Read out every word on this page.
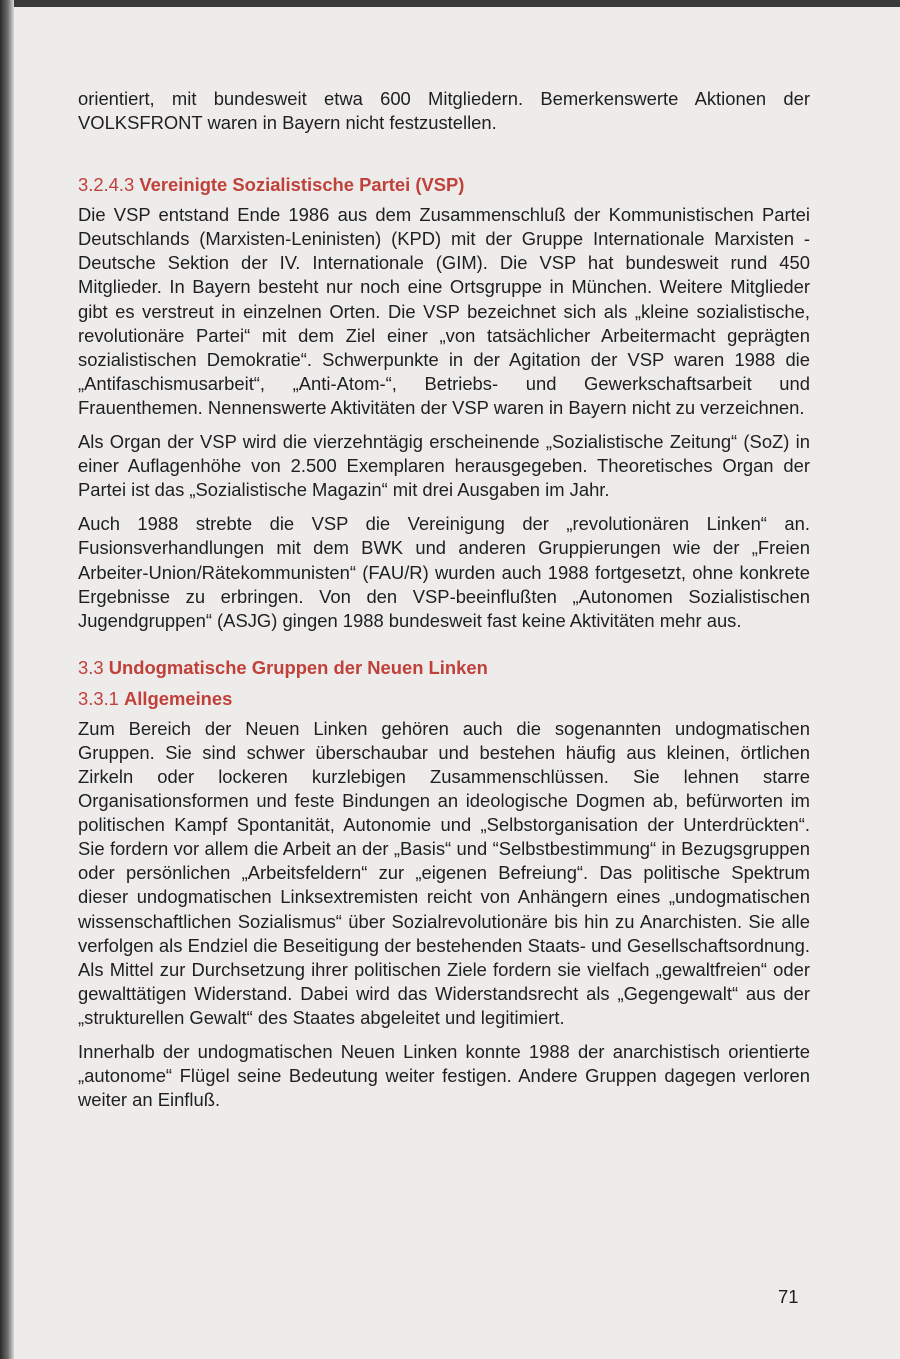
orientiert, mit bundesweit etwa 600 Mitgliedern. Bemerkenswerte Aktionen der VOLKSFRONT waren in Bayern nicht festzustellen.

3.2.4.3 Vereinigte Sozialistische Partei (VSP)

Die VSP entstand Ende 1986 aus dem Zusammenschluß der Kommunistischen Partei Deutschlands (Marxisten-Leninisten) (KPD) mit der Gruppe Internationale Marxisten - Deutsche Sektion der IV. Internationale (GIM). Die VSP hat bundesweit rund 450 Mitglieder. In Bayern besteht nur noch eine Ortsgruppe in München. Weitere Mitglieder gibt es verstreut in einzelnen Orten. Die VSP bezeichnet sich als „kleine sozialistische, revolutionäre Partei“ mit dem Ziel einer „von tatsächlicher Arbeitermacht geprägten sozialistischen Demokratie“. Schwerpunkte in der Agitation der VSP waren 1988 die „Antifaschismusarbeit“, „Anti-Atom-“, Betriebs- und Gewerkschaftsarbeit und Frauenthemen. Nennenswerte Aktivitäten der VSP waren in Bayern nicht zu verzeichnen.

Als Organ der VSP wird die vierzehntägig erscheinende „Sozialistische Zeitung“ (SoZ) in einer Auflagenhöhe von 2.500 Exemplaren herausgegeben. Theoretisches Organ der Partei ist das „Sozialistische Magazin“ mit drei Ausgaben im Jahr.

Auch 1988 strebte die VSP die Vereinigung der „revolutionären Linken“ an. Fusionsverhandlungen mit dem BWK und anderen Gruppierungen wie der „Freien Arbeiter-Union/Rätekommunisten“ (FAU/R) wurden auch 1988 fortgesetzt, ohne konkrete Ergebnisse zu erbringen. Von den VSP-beeinflußten „Autonomen Sozialistischen Jugendgruppen“ (ASJG) gingen 1988 bundesweit fast keine Aktivitäten mehr aus.

3.3 Undogmatische Gruppen der Neuen Linken
3.3.1 Allgemeines

Zum Bereich der Neuen Linken gehören auch die sogenannten undogmatischen Gruppen. Sie sind schwer überschaubar und bestehen häufig aus kleinen, örtlichen Zirkeln oder lockeren kurzlebigen Zusammenschlüssen. Sie lehnen starre Organisationsformen und feste Bindungen an ideologische Dogmen ab, befürworten im politischen Kampf Spontanität, Autonomie und „Selbstorganisation der Unterdrückten“. Sie fordern vor allem die Arbeit an der „Basis“ und “Selbstbestimmung“ in Bezugsgruppen oder persönlichen „Arbeitsfeldern“ zur „eigenen Befreiung“. Das politische Spektrum dieser undogmatischen Linksextremisten reicht von Anhängern eines „undogmatischen wissenschaftlichen Sozialismus“ über Sozialrevolutionäre bis hin zu Anarchisten. Sie alle verfolgen als Endziel die Beseitigung der bestehenden Staats- und Gesellschaftsordnung. Als Mittel zur Durchsetzung ihrer politischen Ziele fordern sie vielfach „gewaltfreien“ oder gewalttätigen Widerstand. Dabei wird das Widerstandsrecht als „Gegengewalt“ aus der „strukturellen Gewalt“ des Staates abgeleitet und legitimiert.

Innerhalb der undogmatischen Neuen Linken konnte 1988 der anarchistisch orientierte „autonome“ Flügel seine Bedeutung weiter festigen. Andere Gruppen dagegen verloren weiter an Einfluß.

71
